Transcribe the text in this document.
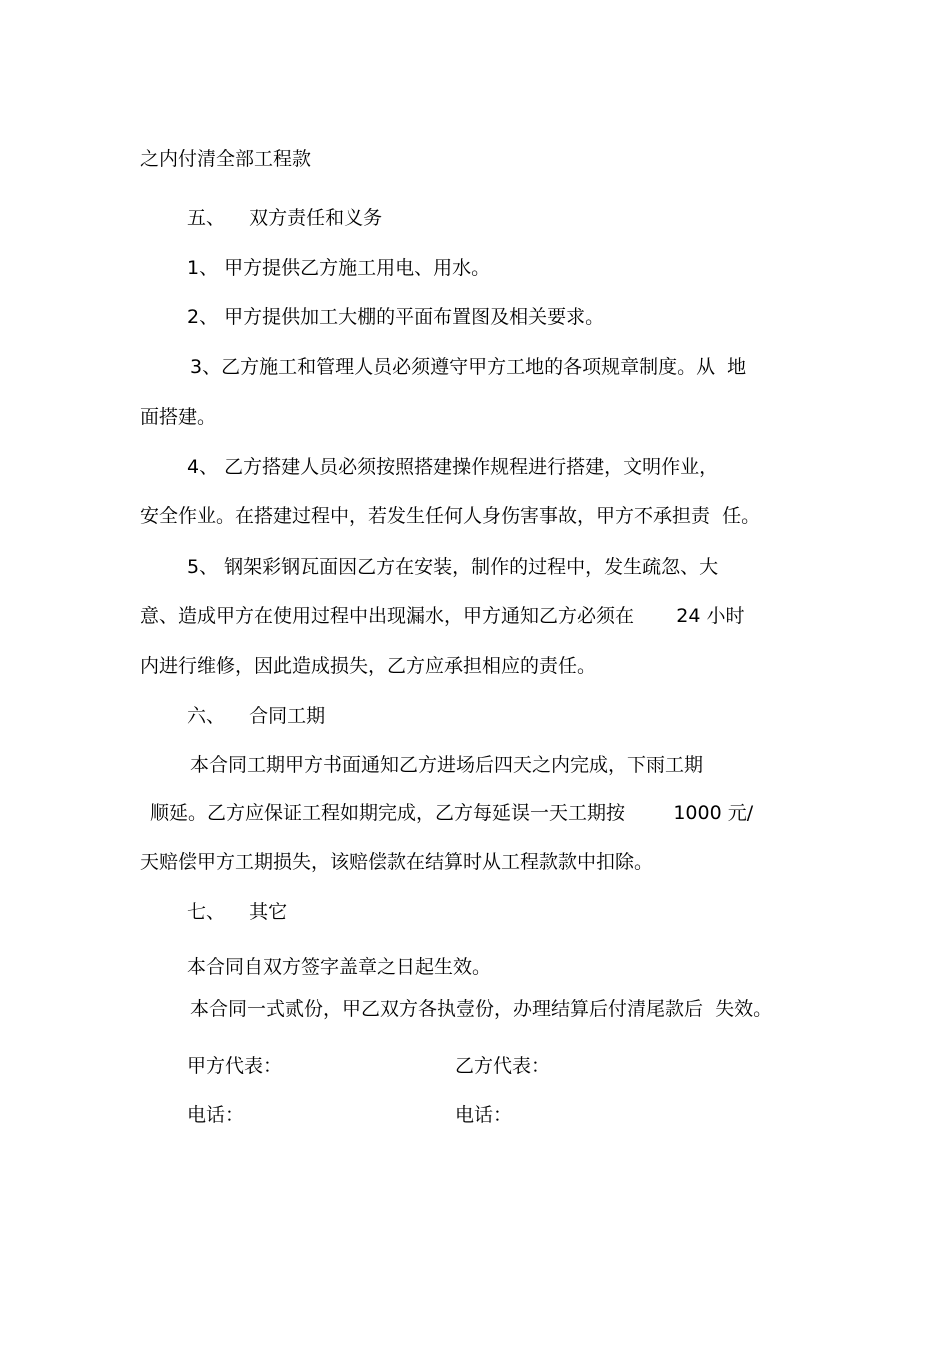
之内付清全部工程款
五、    双方责任和义务
1、 甲方提供乙方施工用电、用水。
2、 甲方提供加工大棚的平面布置图及相关要求。
3、乙方施工和管理人员必须遵守甲方工地的各项规章制度。从  地
面搭建。
4、 乙方搭建人员必须按照搭建操作规程进行搭建，文明作业，
安全作业。在搭建过程中，若发生任何人身伤害事故，甲方不承担责  任。
5、 钢架彩钢瓦面因乙方在安装，制作的过程中，发生疏忽、大
意、造成甲方在使用过程中出现漏水，甲方通知乙方必须在       24 小时
内进行维修，因此造成损失，乙方应承担相应的责任。
六、    合同工期
本合同工期甲方书面通知乙方进场后四天之内完成，下雨工期
顺延。乙方应保证工程如期完成，乙方每延误一天工期按        1000 元/
天赔偿甲方工期损失，该赔偿款在结算时从工程款款中扣除。
七、    其它
本合同自双方签字盖章之日起生效。
本合同一式贰份，甲乙双方各执壹份，办理结算后付清尾款后  失效。
甲方代表：	乙方代表：
电话：	电话：
